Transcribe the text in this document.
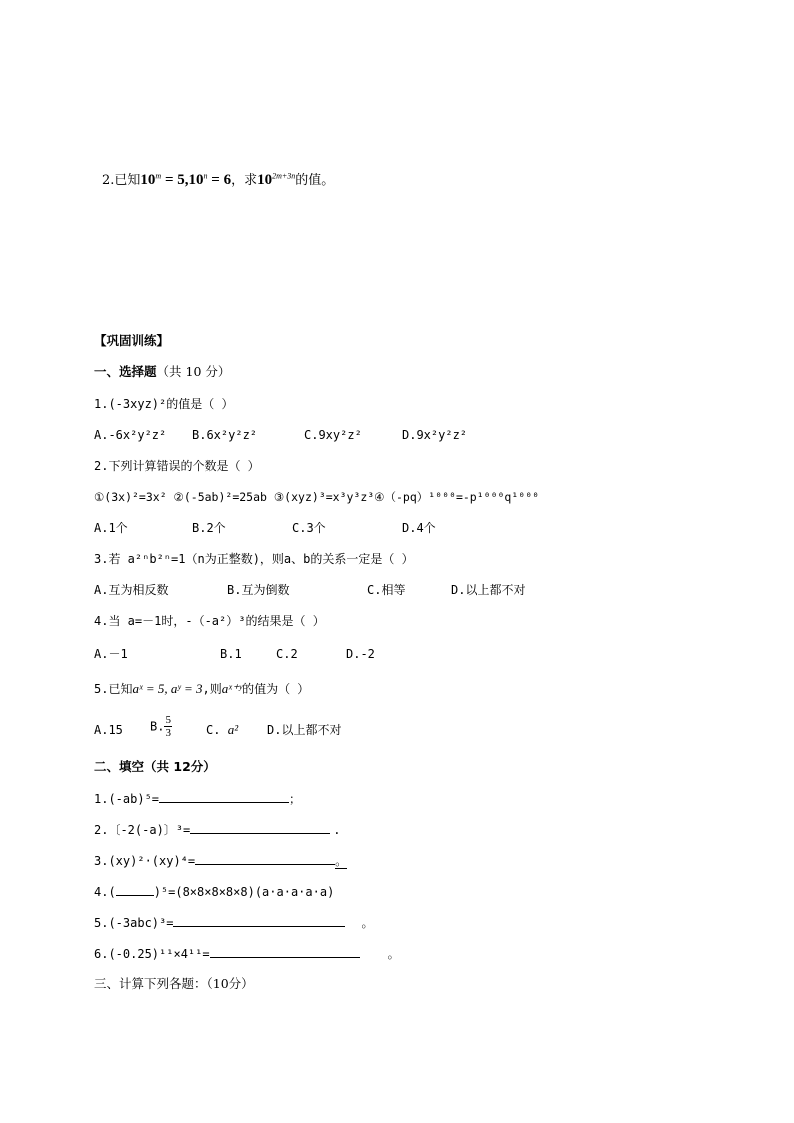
2.已知$10^m = 5,10^n = 6$，求$10^{2m+3n}$的值。
【巩固训练】
一、选择题（共 10 分）
1.(-3xyz)²的值是（ ）
A.-6x²y²z² B.6x²y²z²	C.9xy²z²	D.9x²y²z²
2.下列计算错误的个数是（ ）
①(3x)²=3x² ②(-5ab)²=25ab ③(xyz)³=x³y³z³④（-pq）¹⁰⁰⁰=-p¹⁰⁰⁰q¹⁰⁰⁰
A.1个	B.2个	C.3个	D.4个
3.若 a²ⁿb²ⁿ=1（n为正整数)，则a、b的关系一定是（ ）
A.互为相反数	B.互为倒数	C.相等	D.以上都不对
4.当 a=－1时，-（-a²）³的结果是（ ）
A.－1	B.1	C.2	D.-2
5.已知aˣ = 5, aʸ = 3,则aˣ⁺ʸ的值为（ ）
A.15 B. $\frac{5}{3}$	C. a² D.以上都不对
二、填空（共 12分）
1.(-ab)⁵=	；
2.〔-2(-a)〕³=	.
3.(xy)²·(xy)⁴=	。
4.(	)⁵=(8×8×8×8×8)(a·a·a·a·a)
5.(-3abc)³=	。
6.(-0.25)¹¹×4¹¹=	。
三、计算下列各题：（10分）
